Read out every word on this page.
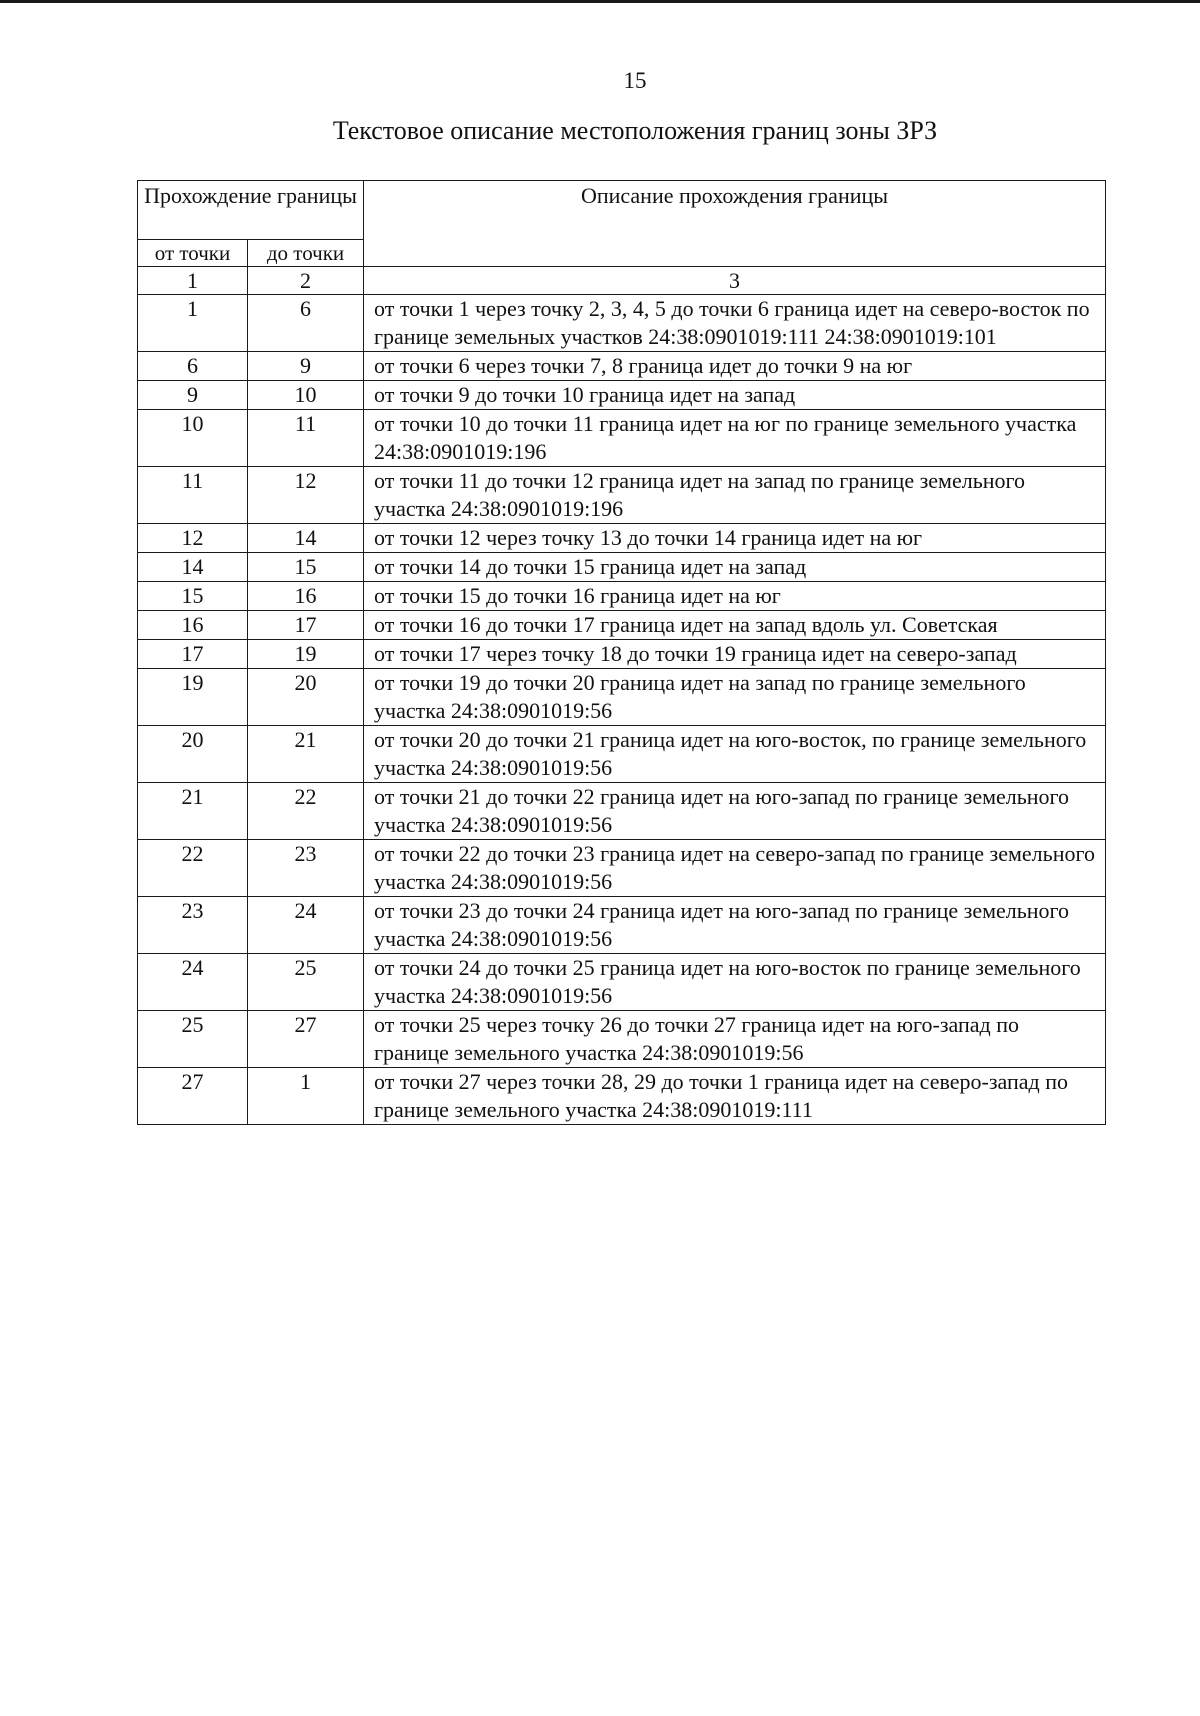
15
Текстовое описание местоположения границ зоны ЗРЗ
Прохождение границы		Описание прохождения границы
от точки	до точки	
1	2	3
1	6	от точки 1 через точку 2, 3, 4, 5 до точки 6 граница идет на северо-восток по границе земельных участков 24:38:0901019:111 24:38:0901019:101
6	9	от точки 6 через точки 7, 8 граница идет до точки 9 на юг
9	10	от точки 9 до точки 10 граница идет на запад
10	11	от точки 10 до точки 11 граница идет на юг по границе земельного участка 24:38:0901019:196
11	12	от точки 11 до точки 12 граница идет на запад по границе земельного участка 24:38:0901019:196
12	14	от точки 12 через точку 13 до точки 14 граница идет на юг
14	15	от точки 14 до точки 15 граница идет на запад
15	16	от точки 15 до точки 16 граница идет на юг
16	17	от точки 16 до точки 17 граница идет на запад вдоль ул. Советская
17	19	от точки 17 через точку 18 до точки 19 граница идет на северо-запад
19	20	от точки 19 до точки 20 граница идет на запад по границе земельного участка 24:38:0901019:56
20	21	от точки 20 до точки 21 граница идет на юго-восток, по границе земельного участка 24:38:0901019:56
21	22	от точки 21 до точки 22 граница идет на юго-запад по границе земельного участка 24:38:0901019:56
22	23	от точки 22 до точки 23 граница идет на северо-запад по границе земельного участка 24:38:0901019:56
23	24	от точки 23 до точки 24 граница идет на юго-запад по границе земельного участка 24:38:0901019:56
24	25	от точки 24 до точки 25 граница идет на юго-восток по границе земельного участка 24:38:0901019:56
25	27	от точки 25 через точку 26 до точки 27 граница идет на юго-запад по границе земельного участка 24:38:0901019:56
27	1	от точки 27 через точки 28, 29 до точки 1 граница идет на северо-запад по границе земельного участка 24:38:0901019:111
